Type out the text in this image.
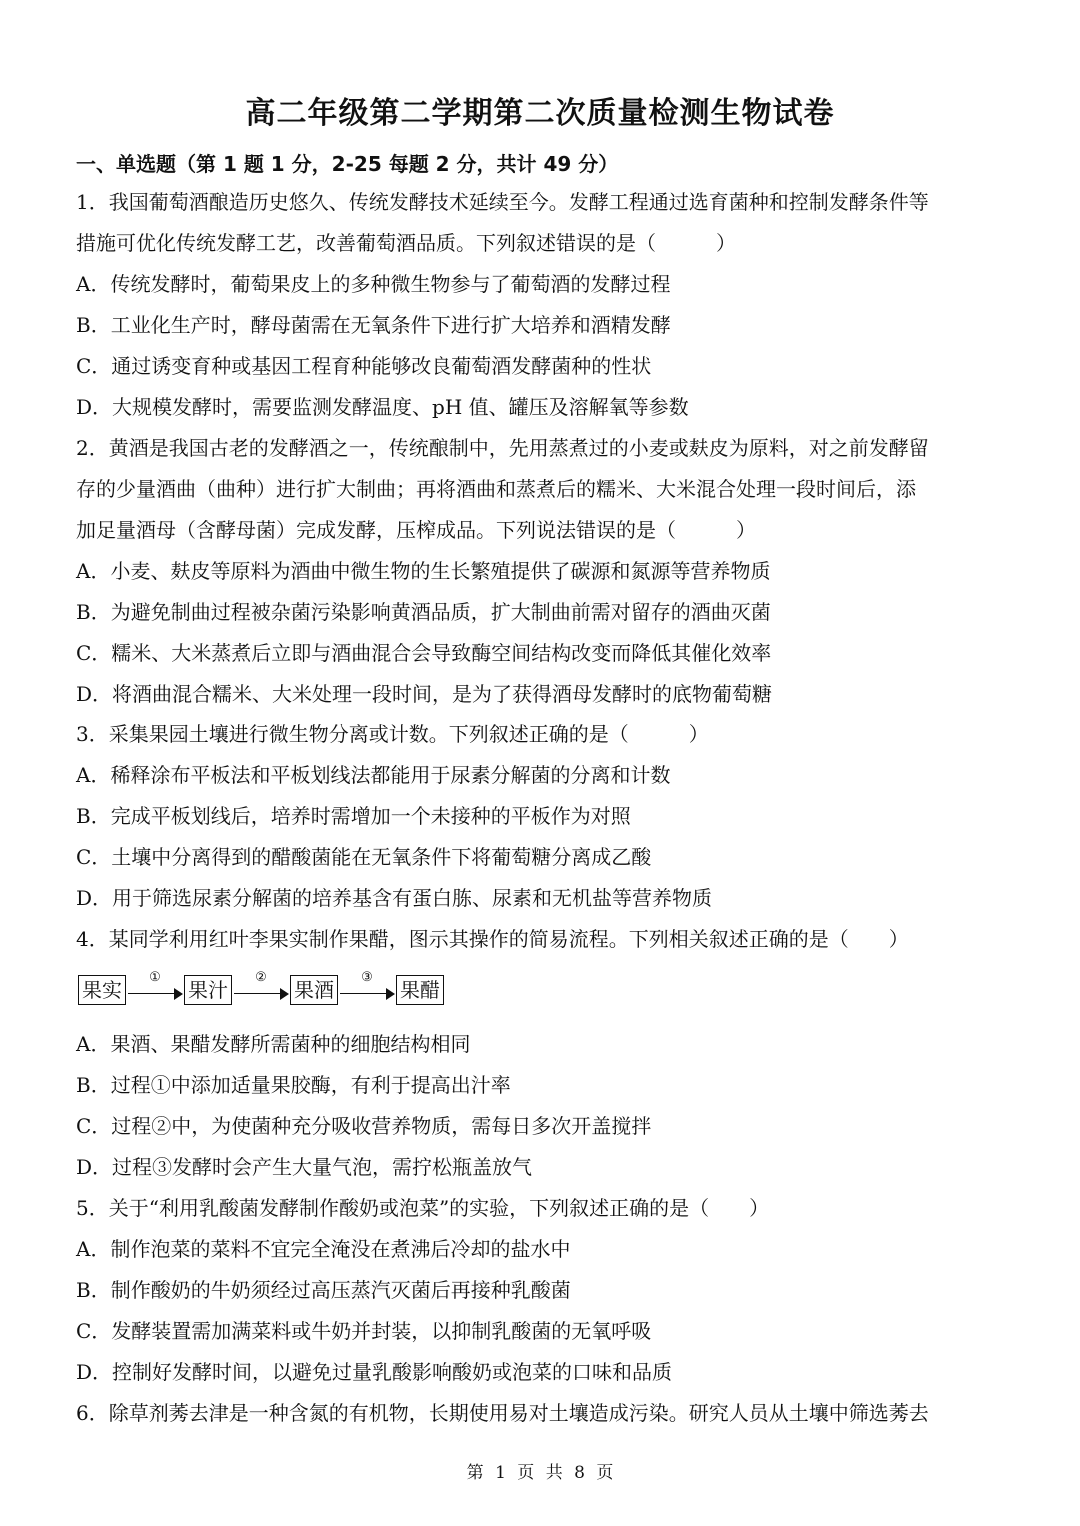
高二年级第二学期第二次质量检测生物试卷
一、单选题（第 1 题 1 分，2-25 每题 2 分，共计 49 分）
1．我国葡萄酒酿造历史悠久、传统发酵技术延续至今。发酵工程通过选育菌种和控制发酵条件等
措施可优化传统发酵工艺，改善葡萄酒品质。下列叙述错误的是（　　　）
A．传统发酵时，葡萄果皮上的多种微生物参与了葡萄酒的发酵过程
B．工业化生产时，酵母菌需在无氧条件下进行扩大培养和酒精发酵
C．通过诱变育种或基因工程育种能够改良葡萄酒发酵菌种的性状
D．大规模发酵时，需要监测发酵温度、pH 值、罐压及溶解氧等参数
2．黄酒是我国古老的发酵酒之一，传统酿制中，先用蒸煮过的小麦或麸皮为原料，对之前发酵留
存的少量酒曲（曲种）进行扩大制曲；再将酒曲和蒸煮后的糯米、大米混合处理一段时间后，添
加足量酒母（含酵母菌）完成发酵，压榨成品。下列说法错误的是（　　　）
A．小麦、麸皮等原料为酒曲中微生物的生长繁殖提供了碳源和氮源等营养物质
B．为避免制曲过程被杂菌污染影响黄酒品质，扩大制曲前需对留存的酒曲灭菌
C．糯米、大米蒸煮后立即与酒曲混合会导致酶空间结构改变而降低其催化效率
D．将酒曲混合糯米、大米处理一段时间，是为了获得酒母发酵时的底物葡萄糖
3．采集果园土壤进行微生物分离或计数。下列叙述正确的是（　　　）
A．稀释涂布平板法和平板划线法都能用于尿素分解菌的分离和计数
B．完成平板划线后，培养时需增加一个未接种的平板作为对照
C．土壤中分离得到的醋酸菌能在无氧条件下将葡萄糖分离成乙酸
D．用于筛选尿素分解菌的培养基含有蛋白胨、尿素和无机盐等营养物质
4．某同学利用红叶李果实制作果醋，图示其操作的简易流程。下列相关叙述正确的是（　　）
果实
①
果汁
②
果酒
③
果醋
A．果酒、果醋发酵所需菌种的细胞结构相同
B．过程①中添加适量果胶酶，有利于提高出汁率
C．过程②中，为使菌种充分吸收营养物质，需每日多次开盖搅拌
D．过程③发酵时会产生大量气泡，需拧松瓶盖放气
5．关于“利用乳酸菌发酵制作酸奶或泡菜”的实验，下列叙述正确的是（　　）
A．制作泡菜的菜料不宜完全淹没在煮沸后冷却的盐水中
B．制作酸奶的牛奶须经过高压蒸汽灭菌后再接种乳酸菌
C．发酵装置需加满菜料或牛奶并封装，以抑制乳酸菌的无氧呼吸
D．控制好发酵时间，以避免过量乳酸影响酸奶或泡菜的口味和品质
6．除草剂莠去津是一种含氮的有机物，长期使用易对土壤造成污染。研究人员从土壤中筛选莠去
第 1 页 共 8 页
